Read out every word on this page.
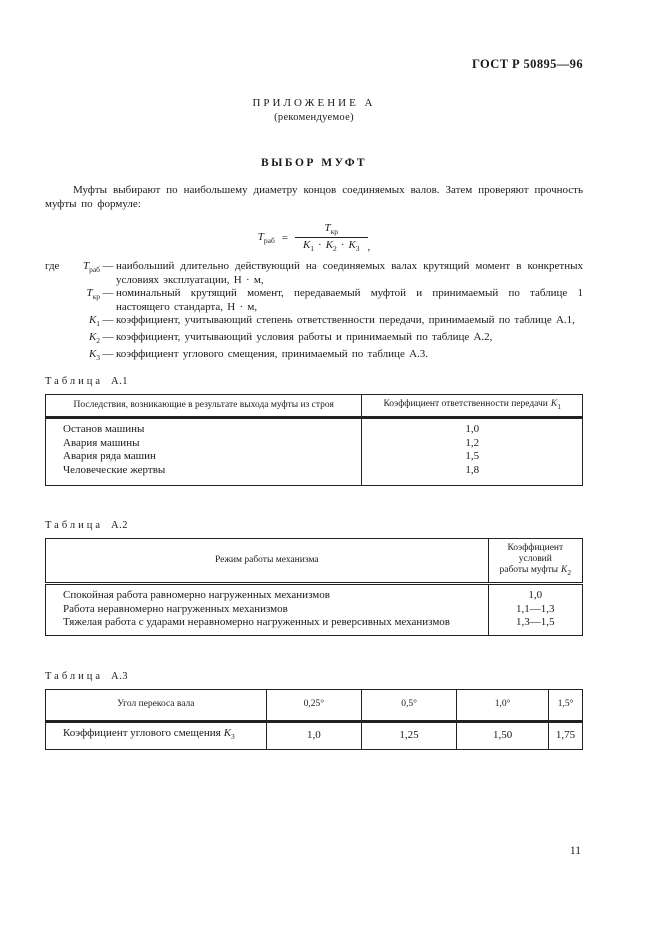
ГОСТ Р 50895—96
ПРИЛОЖЕНИЕ А
(рекомендуемое)
ВЫБОР МУФТ

Муфты выбирают по наибольшему диаметру концов соединяемых валов. Затем проверяют прочность муфты по формуле:

$Т_{раб} = \frac{Т_{кр}}{К_1 \cdot К_2 \cdot К_3}$ ,
где	$Т_{раб}$ — наибольший длительно действующий на соединяемых валах крутящий момент в конкретных условиях эксплуатации, Н · м,
$Т_{кр}$ — номинальный крутящий момент, передаваемый муфтой и принимаемый по таблице 1 настоящего стандарта, Н · м,
$К_1$ — коэффициент, учитывающий степень ответственности передачи, принимаемый по таблице А.1,
$К_2$ — коэффициент, учитывающий условия работы и принимаемый по таблице А.2,
$К_3$ — коэффициент углового смещения, принимаемый по таблице А.3.
Таблица А.1
Последствия, возникающие в результате выхода муфты из строя	Коэффициент ответственности передачи $К_1$
Останов машины	1,0
Авария машины	1,2
Авария ряда машин	1,5
Человеческие жертвы	1,8
Таблица А.2
Режим работы механизма	Коэффициент условий
работы муфты $К_2$

Спокойная работа равномерно нагруженных механизмов	1,0
Работа неравномерно нагруженных механизмов	1,1—1,3
Тяжелая работа с ударами неравномерно нагруженных и реверсивных механизмов	1,3—1,5
Таблица А.3
Угол перекоса вала	0,25°	0,5°	1,0°	1,5°
Коэффициент углового смещения $К_3$	1,0	1,25	1,50	1,75
11
